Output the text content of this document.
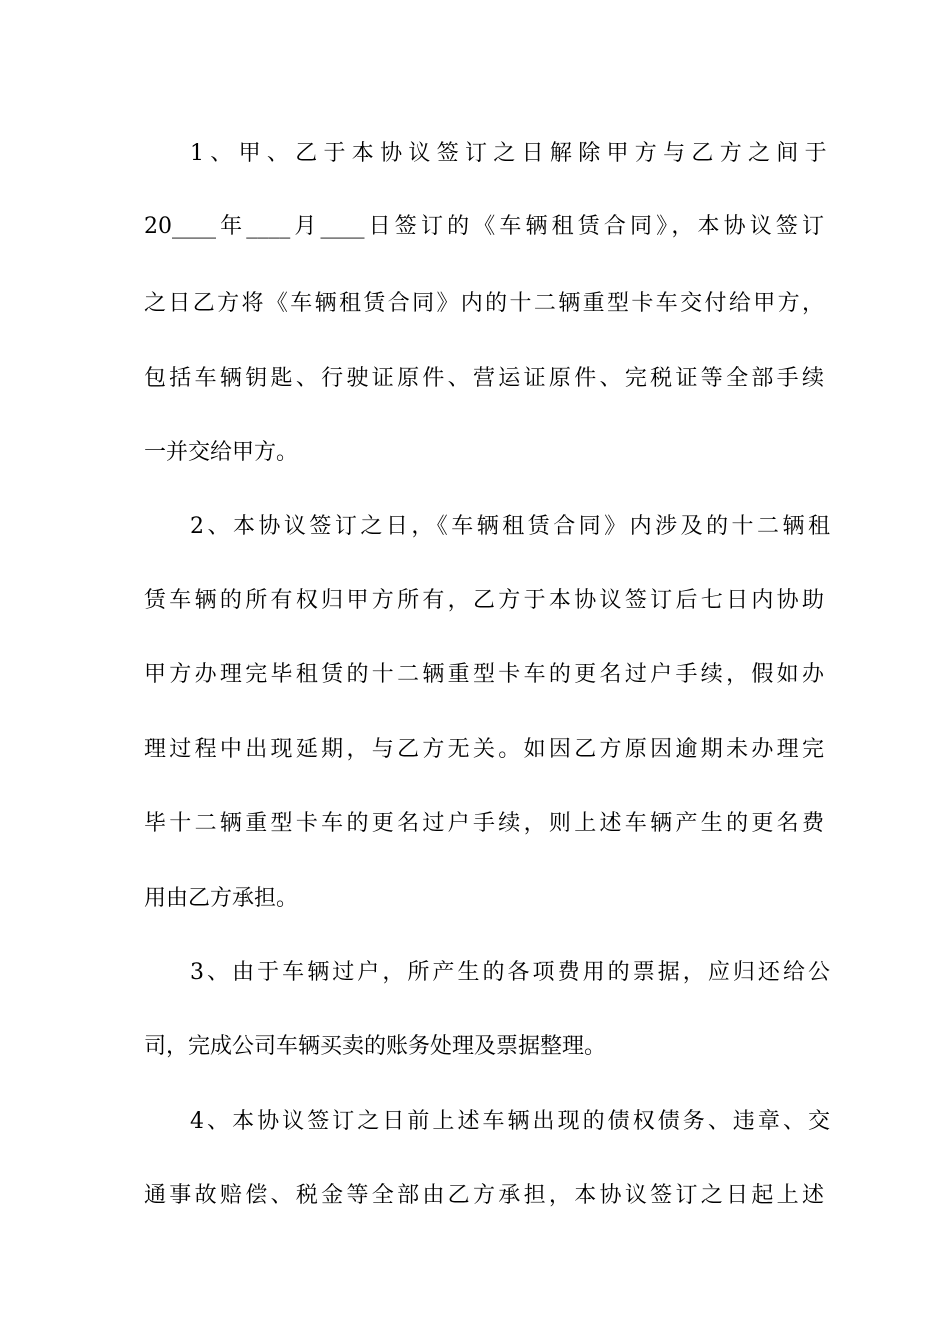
1、甲、乙于本协议签订之日解除甲方与乙方之间于
20____年____月____日签订的《车辆租赁合同》，本协议签订
之日乙方将《车辆租赁合同》内的十二辆重型卡车交付给甲方，
包括车辆钥匙、行驶证原件、营运证原件、完税证等全部手续
一并交给甲方。
2、本协议签订之日，《车辆租赁合同》内涉及的十二辆租
赁车辆的所有权归甲方所有，乙方于本协议签订后七日内协助
甲方办理完毕租赁的十二辆重型卡车的更名过户手续，假如办
理过程中出现延期，与乙方无关。如因乙方原因逾期未办理完
毕十二辆重型卡车的更名过户手续，则上述车辆产生的更名费
用由乙方承担。
3、由于车辆过户，所产生的各项费用的票据，应归还给公
司，完成公司车辆买卖的账务处理及票据整理。
4、本协议签订之日前上述车辆出现的债权债务、违章、交
通事故赔偿、税金等全部由乙方承担，本协议签订之日起上述
